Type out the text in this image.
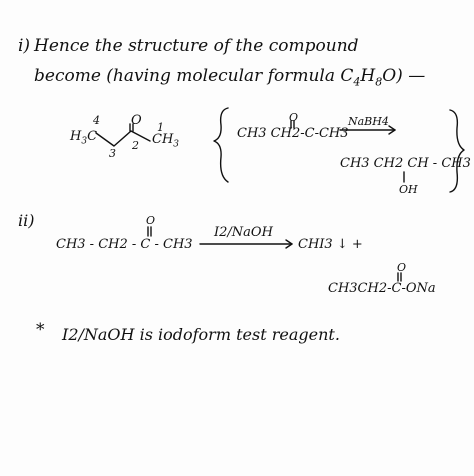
i) Hence the structure of the compound
become (having molecular formula $C_4H_8O$) —
$H_3C$
4
3
2
1
O
$CH_3$
O
CH3 CH2-C-CH3
NaBH4
CH3 CH2 CH - CH3
OH
ii)	O
CH3 - CH2 - C - CH3
I2/NaOH
CHI3 ↓ +
O
CH3CH2-C-ONa
* I2/NaOH is iodoform test reagent.
